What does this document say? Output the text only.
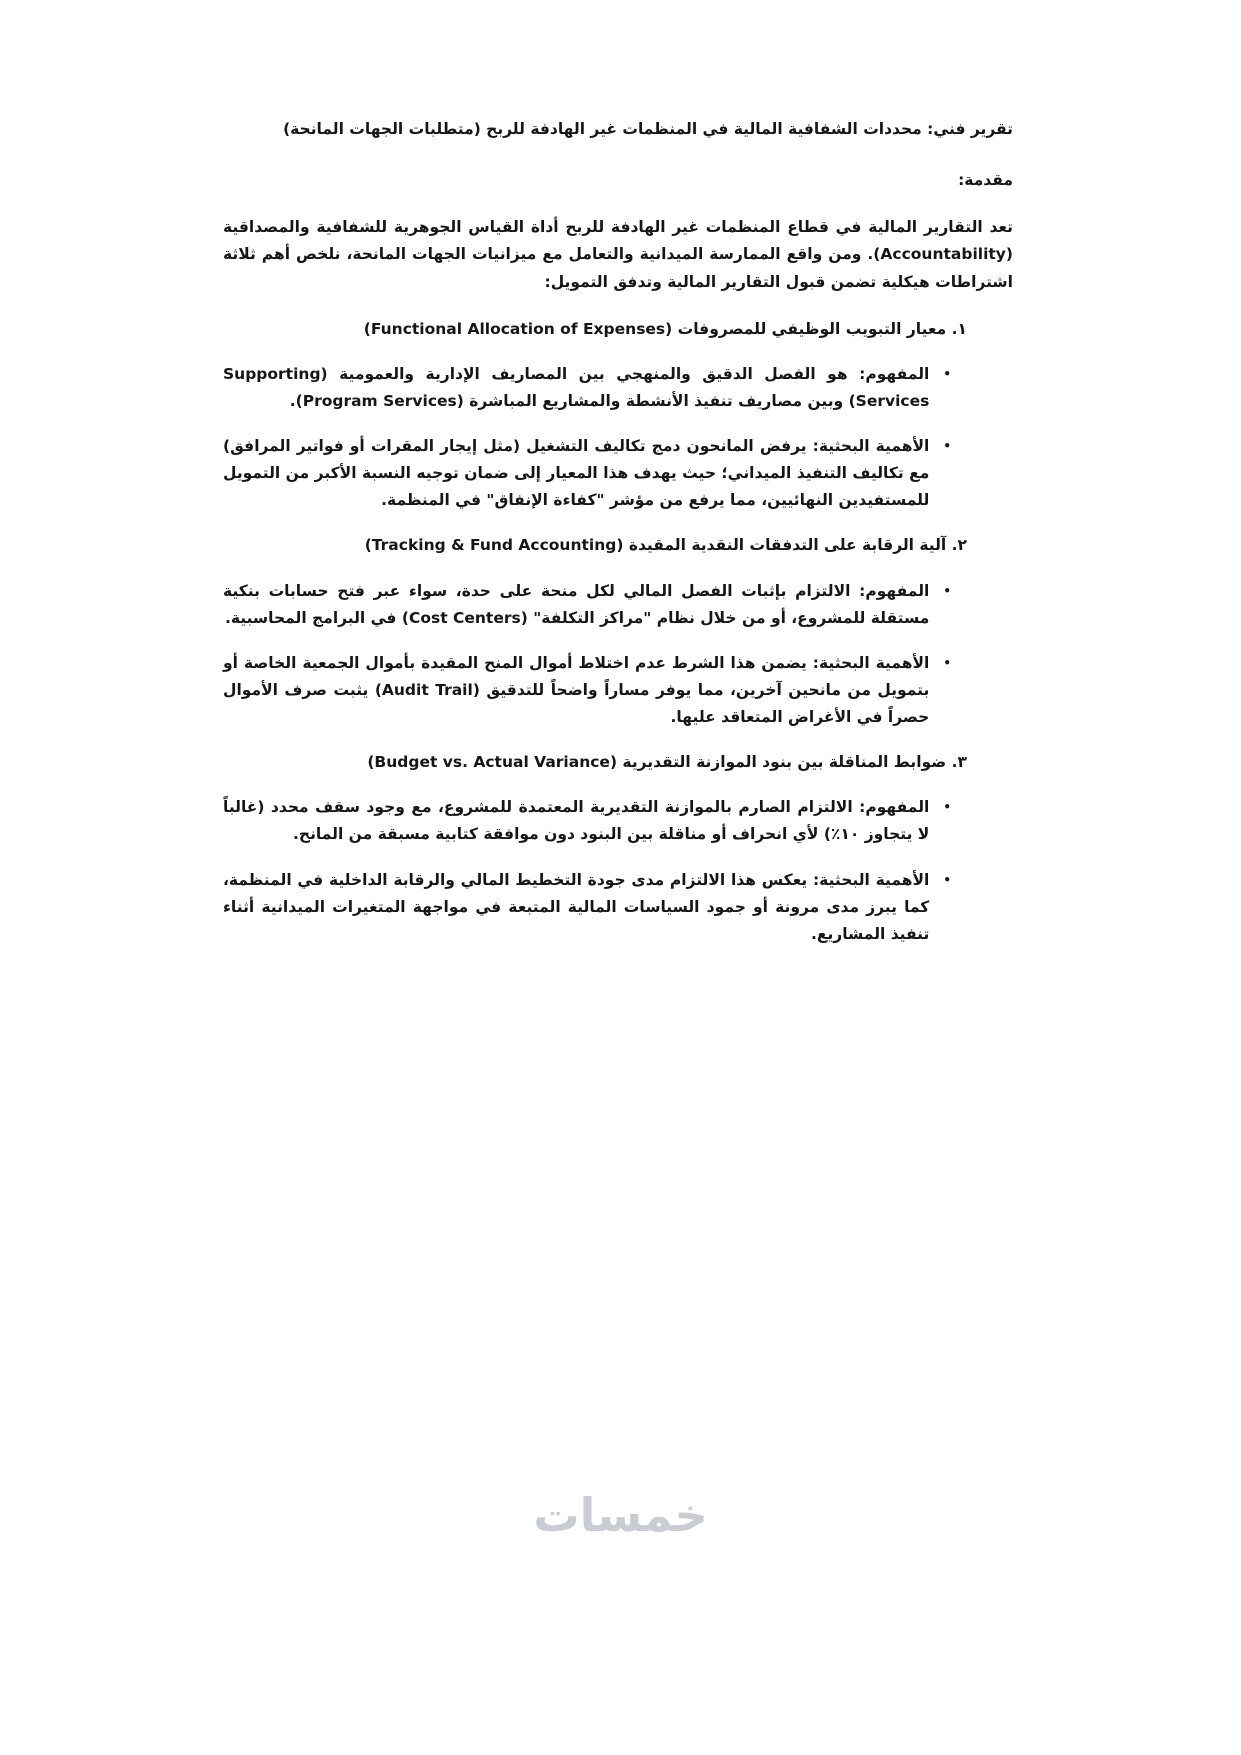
تقرير فني: محددات الشفافية المالية في المنظمات غير الهادفة للربح (متطلبات الجهات المانحة)

مقدمة:

تعد التقارير المالية في قطاع المنظمات غير الهادفة للربح أداة القياس الجوهرية للشفافية والمصداقية (Accountability). ومن واقع الممارسة الميدانية والتعامل مع ميزانيات الجهات المانحة، نلخص أهم ثلاثة اشتراطات هيكلية تضمن قبول التقارير المالية وتدفق التمويل:

١. معيار التبويب الوظيفي للمصروفات (Functional Allocation of Expenses)

•
المفهوم: هو الفصل الدقيق والمنهجي بين المصاريف الإدارية والعمومية (Supporting Services) وبين مصاريف تنفيذ الأنشطة والمشاريع المباشرة (Program Services).
•
الأهمية البحثية: يرفض المانحون دمج تكاليف التشغيل (مثل إيجار المقرات أو فواتير المرافق) مع تكاليف التنفيذ الميداني؛ حيث يهدف هذا المعيار إلى ضمان توجيه النسبة الأكبر من التمويل للمستفيدين النهائيين، مما يرفع من مؤشر "كفاءة الإنفاق" في المنظمة.

٢. آلية الرقابة على التدفقات النقدية المقيدة (Tracking & Fund Accounting)

•
المفهوم: الالتزام بإثبات الفصل المالي لكل منحة على حدة، سواء عبر فتح حسابات بنكية مستقلة للمشروع، أو من خلال نظام "مراكز التكلفة" (Cost Centers) في البرامج المحاسبية.
•
الأهمية البحثية: يضمن هذا الشرط عدم اختلاط أموال المنح المقيدة بأموال الجمعية الخاصة أو بتمويل من مانحين آخرين، مما يوفر مساراً واضحاً للتدقيق (Audit Trail) يثبت صرف الأموال حصراً في الأغراض المتعاقد عليها.

٣. ضوابط المناقلة بين بنود الموازنة التقديرية (Budget vs. Actual Variance)

•
المفهوم: الالتزام الصارم بالموازنة التقديرية المعتمدة للمشروع، مع وجود سقف محدد (غالباً لا يتجاوز ١٠٪) لأي انحراف أو مناقلة بين البنود دون موافقة كتابية مسبقة من المانح.
•
الأهمية البحثية: يعكس هذا الالتزام مدى جودة التخطيط المالي والرقابة الداخلية في المنظمة، كما يبرز مدى مرونة أو جمود السياسات المالية المتبعة في مواجهة المتغيرات الميدانية أثناء تنفيذ المشاريع.
خمسات
